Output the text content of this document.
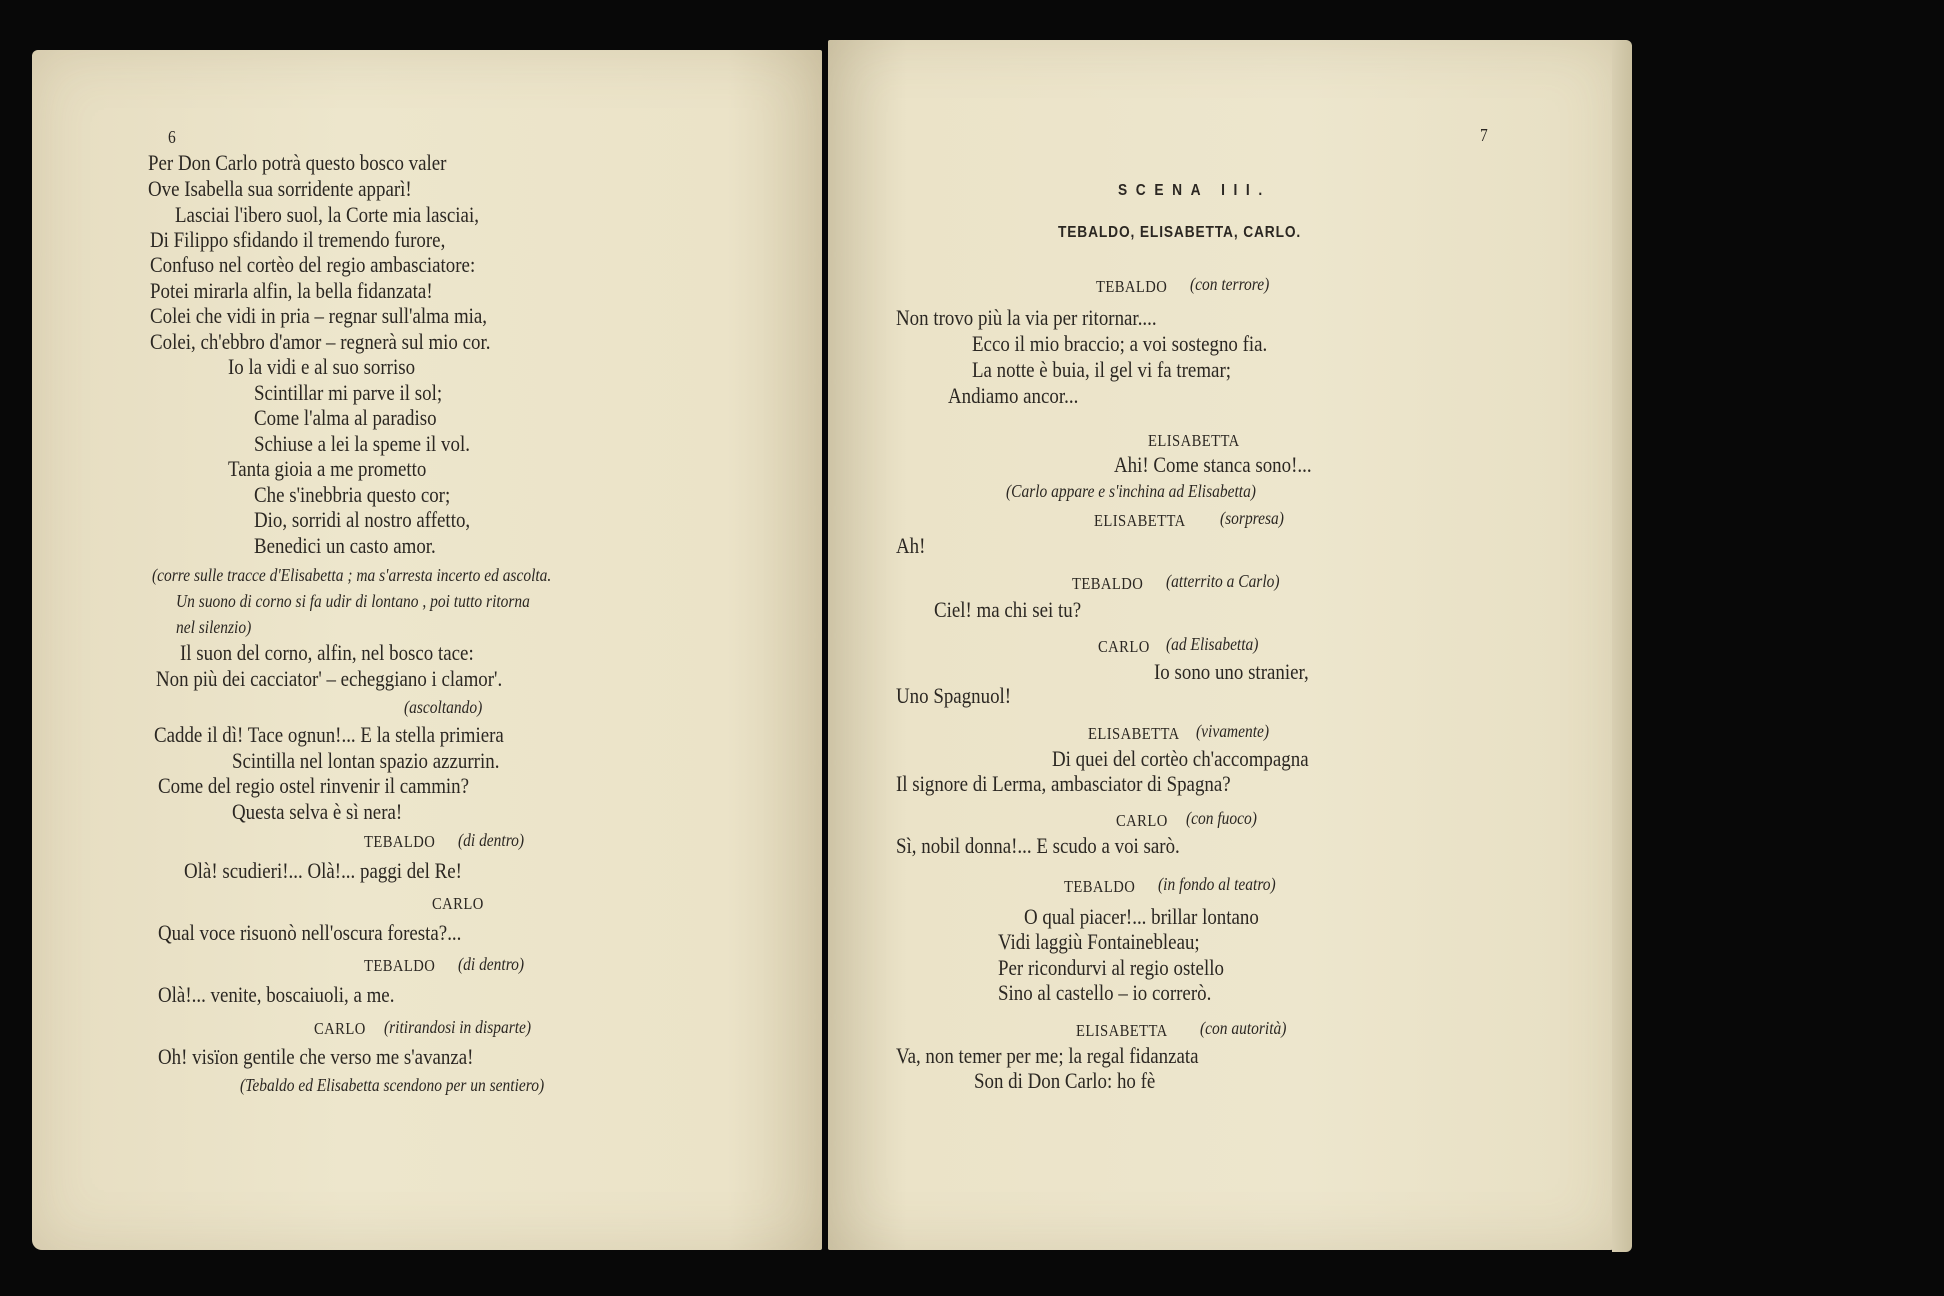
6
Per Don Carlo potrà questo bosco valer
Ove Isabella sua sorridente apparì!
Lasciai l'ibero suol, la Corte mia lasciai,
Di Filippo sfidando il tremendo furore,
Confuso nel cortèo del regio ambasciatore:
Potei mirarla alfin, la bella fidanzata!
Colei che vidi in pria – regnar sull'alma mia,
Colei, ch'ebbro d'amor – regnerà sul mio cor.
Io la vidi e al suo sorriso
Scintillar mi parve il sol;
Come l'alma al paradiso
Schiuse a lei la speme il vol.
Tanta gioia a me prometto
Che s'inebbria questo cor;
Dio, sorridi al nostro affetto,
Benedici un casto amor.
(corre sulle tracce d'Elisabetta ; ma s'arresta incerto ed ascolta.
Un suono di corno si fa udir di lontano , poi tutto ritorna
nel silenzio)
Il suon del corno, alfin, nel bosco tace:
Non più dei cacciator' – echeggiano i clamor'.
(ascoltando)
Cadde il dì! Tace ognun!... E la stella primiera
Scintilla nel lontan spazio azzurrin.
Come del regio ostel rinvenir il cammin?
Questa selva è sì nera!
TEBALDO (di dentro)
Olà! scudieri!... Olà!... paggi del Re!
CARLO
Qual voce risuonò nell'oscura foresta?...
TEBALDO (di dentro)
Olà!... venite, boscaiuoli, a me.
CARLO (ritirandosi in disparte)
Oh! visïon gentile che verso me s'avanza!
(Tebaldo ed Elisabetta scendono per un sentiero)
7
SCENA III.
TEBALDO, ELISABETTA, CARLO.
TEBALDO (con terrore)
Non trovo più la via per ritornar....
Ecco il mio braccio; a voi sostegno fia.
La notte è buia, il gel vi fa tremar;
Andiamo ancor...
ELISABETTA
Ahi! Come stanca sono!...
(Carlo appare e s'inchina ad Elisabetta)
ELISABETTA (sorpresa)
Ah!
TEBALDO (atterrito a Carlo)
Ciel! ma chi sei tu?
CARLO (ad Elisabetta)
Io sono uno stranier,
Uno Spagnuol!
ELISABETTA (vivamente)
Di quei del cortèo ch'accompagna
Il signore di Lerma, ambasciator di Spagna?
CARLO (con fuoco)
Sì, nobil donna!... E scudo a voi sarò.
TEBALDO (in fondo al teatro)
O qual piacer!... brillar lontano
Vidi laggiù Fontainebleau;
Per ricondurvi al regio ostello
Sino al castello – io correrò.
ELISABETTA (con autorità)
Va, non temer per me; la regal fidanzata
Son di Don Carlo: ho fè
